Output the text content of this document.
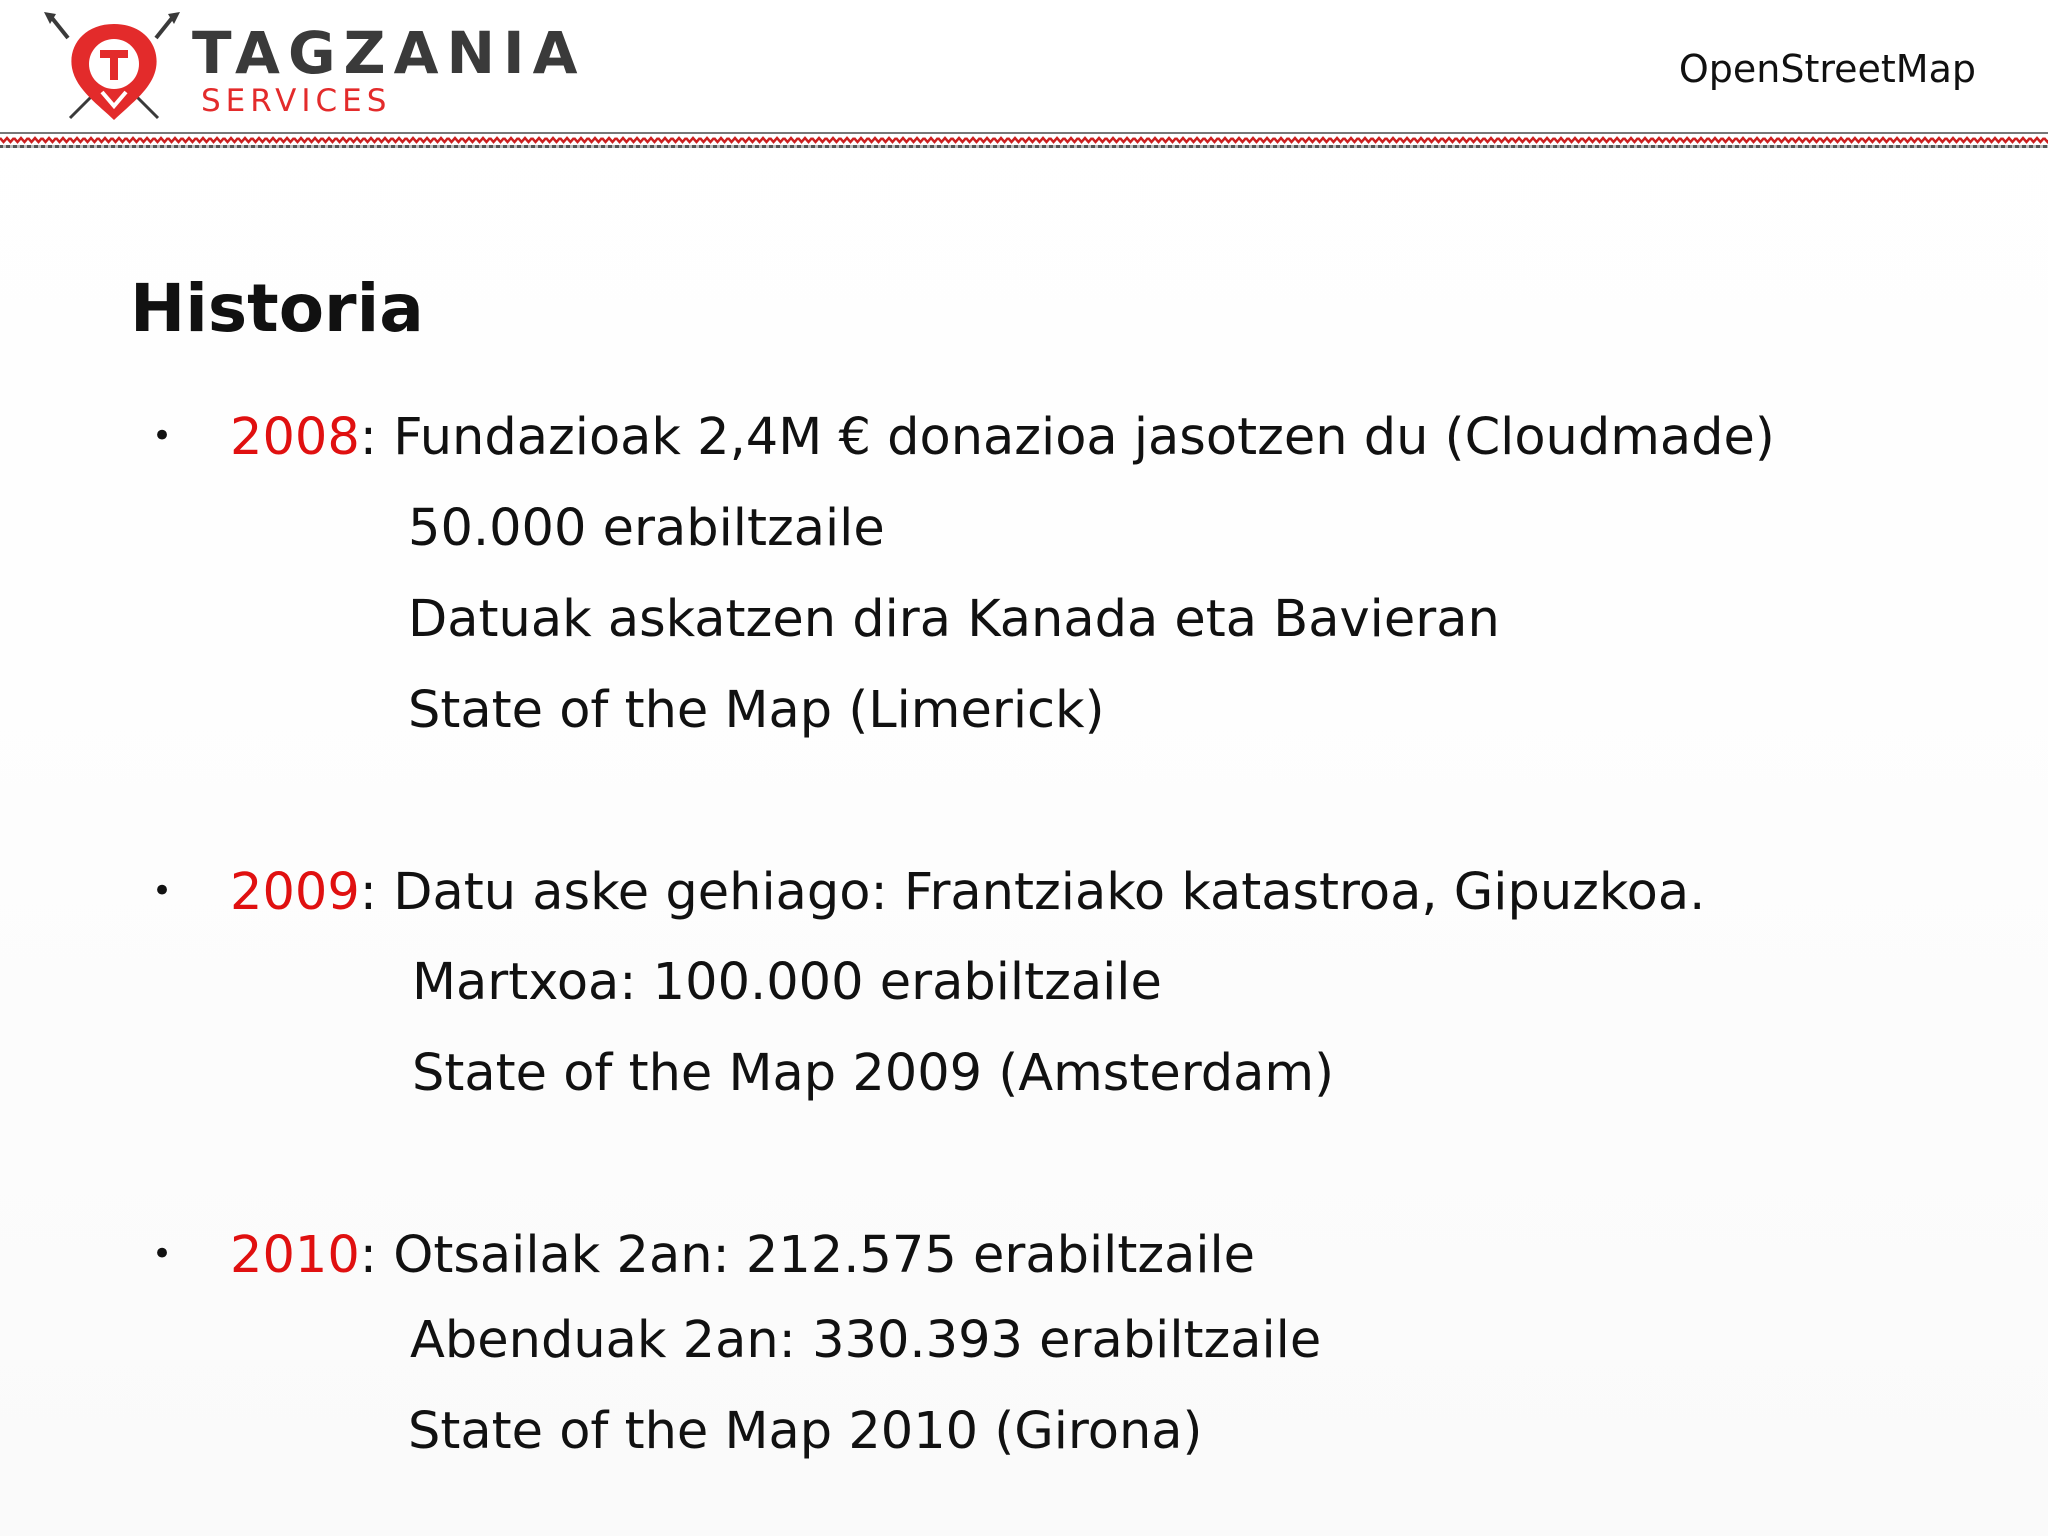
TAGZANIA
SERVICES
OpenStreetMap
Historia
• 2008: Fundazioak 2,4M € donazioa jasotzen du (Cloudmade)
50.000 erabiltzaile
Datuak askatzen dira Kanada eta Bavieran
State of the Map (Limerick)
• 2009: Datu aske gehiago: Frantziako katastroa, Gipuzkoa.
Martxoa: 100.000 erabiltzaile
State of the Map 2009 (Amsterdam)
• 2010: Otsailak 2an: 212.575 erabiltzaile
Abenduak 2an: 330.393 erabiltzaile
State of the Map 2010 (Girona)
